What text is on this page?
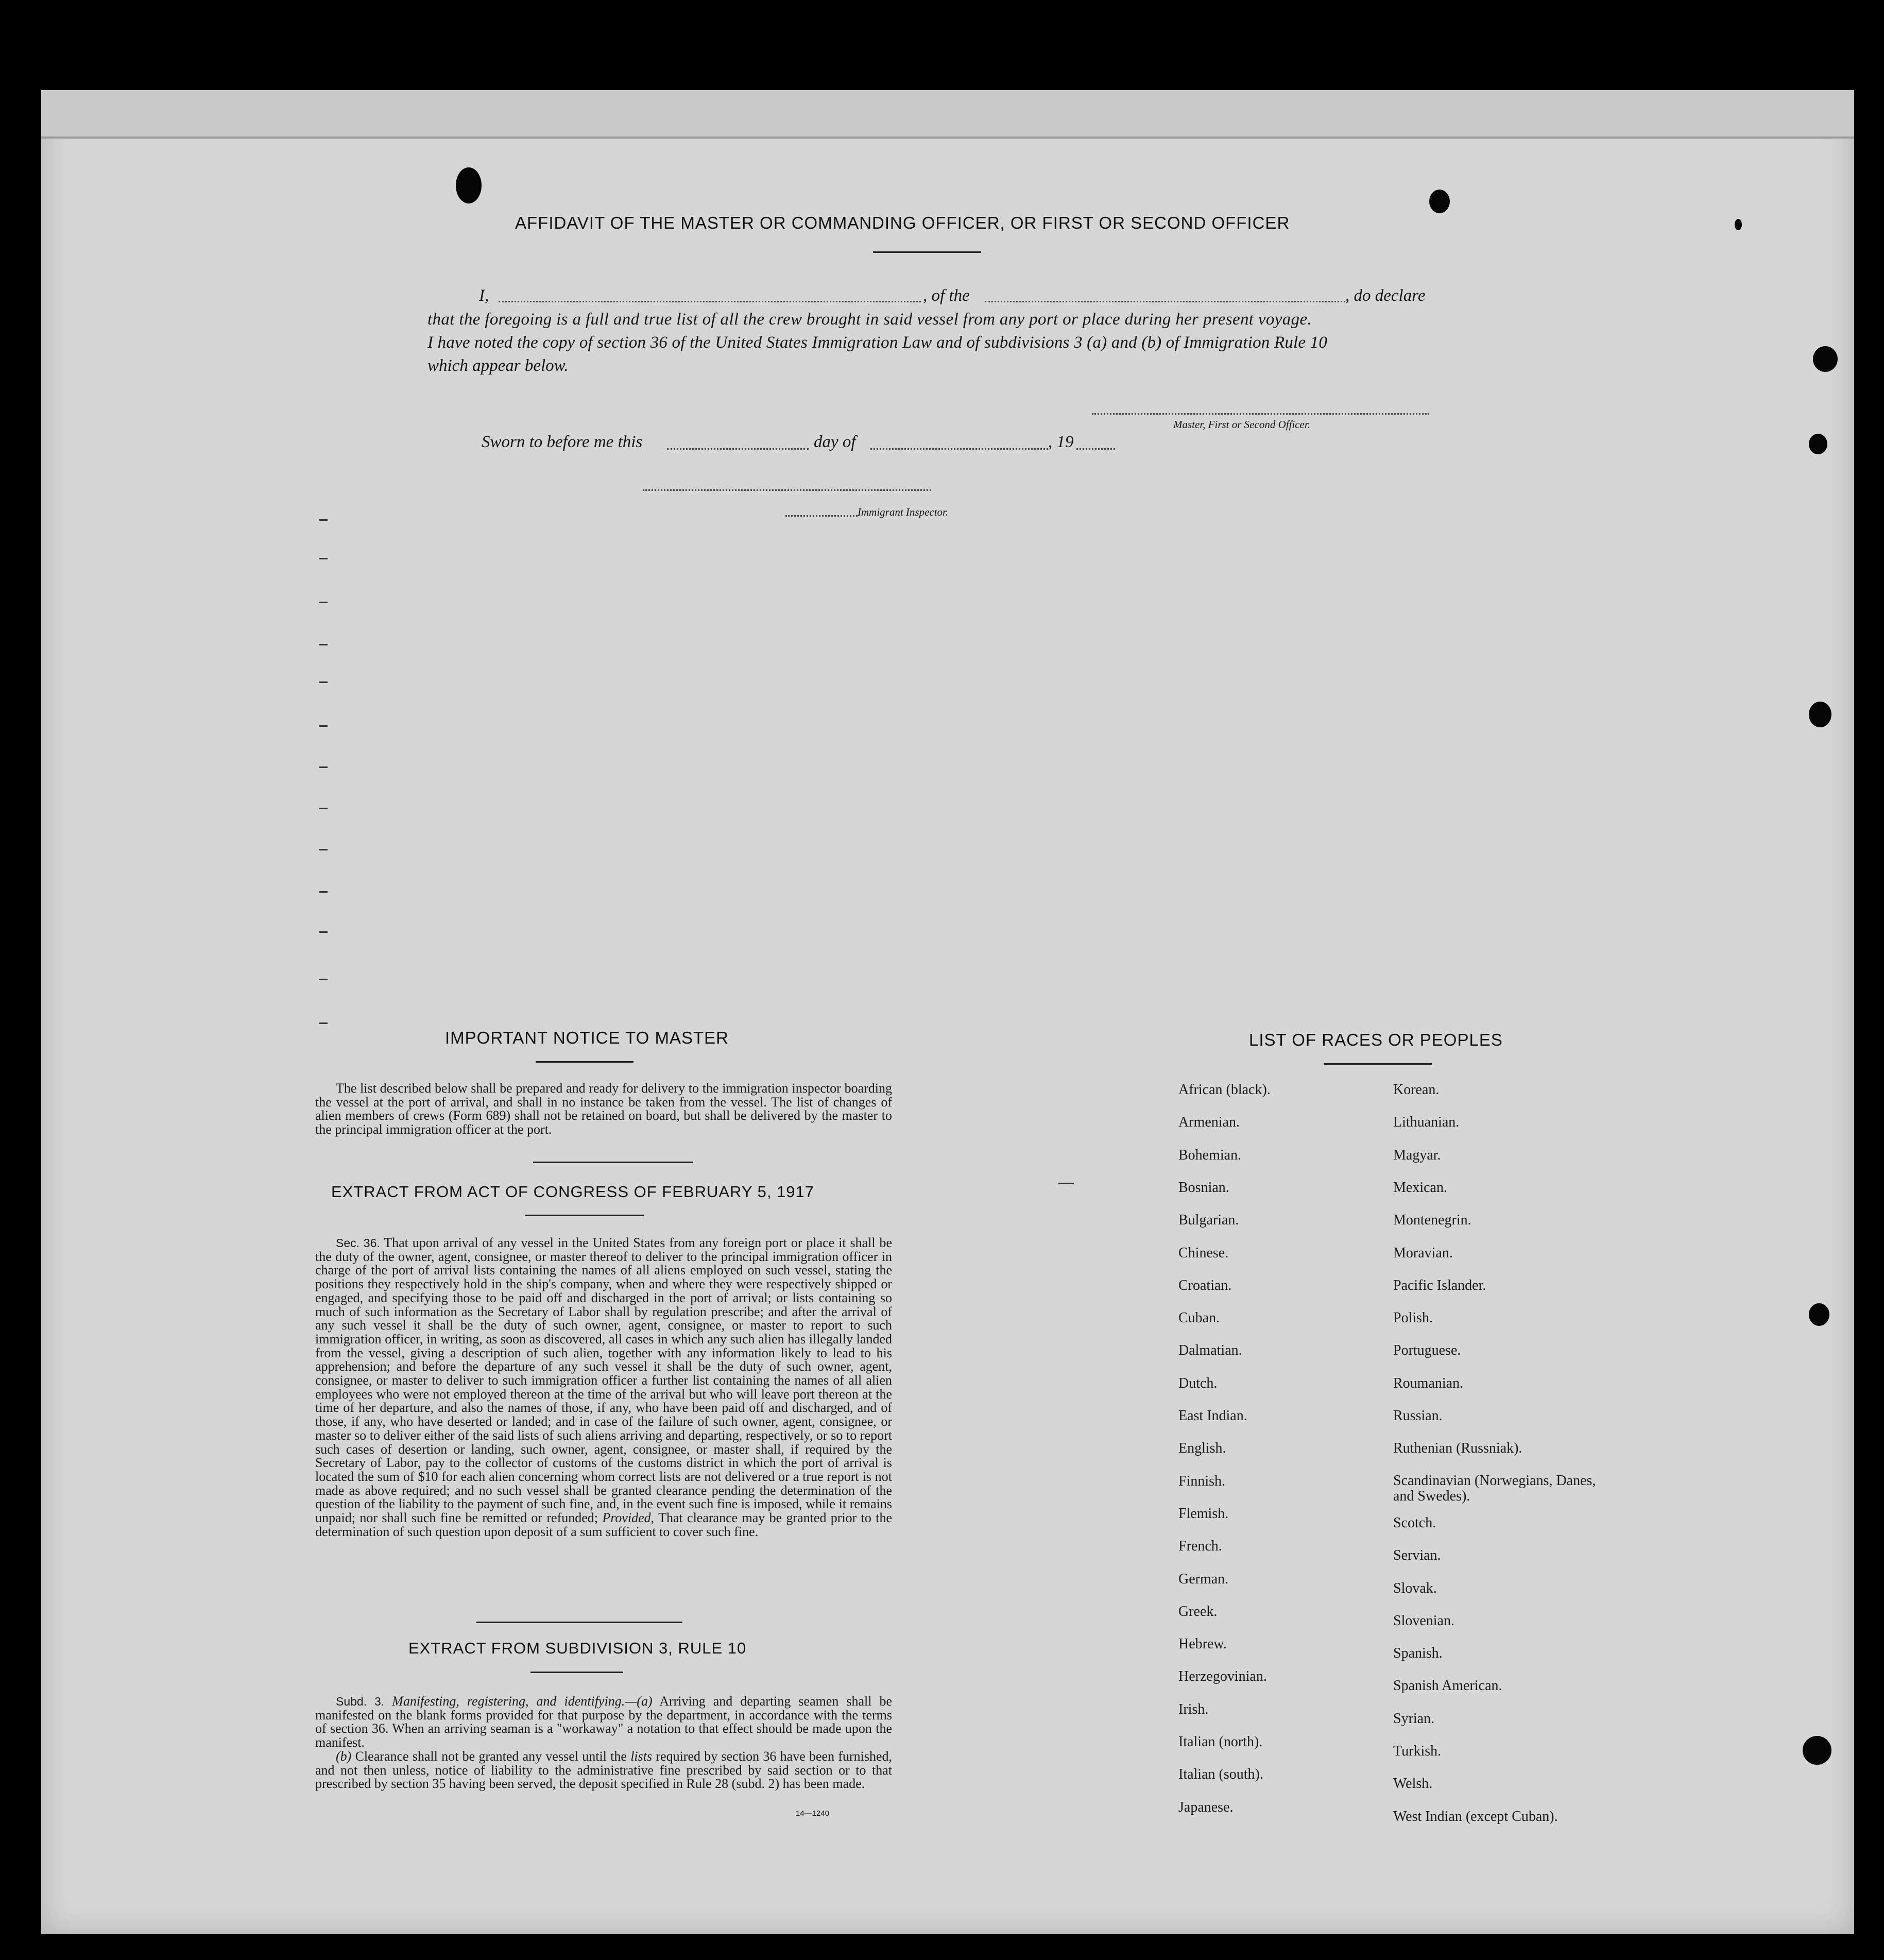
AFFIDAVIT OF THE MASTER OR COMMANDING OFFICER, OR FIRST OR SECOND OFFICER
I,	, of the	, do declare
that the foregoing is a full and true list of all the crew brought in said vessel from any port or place during her present voyage.
I have noted the copy of section 36 of the United States Immigration Law and of subdivisions 3 (a) and (b) of Immigration Rule 10
which appear below.
Master, First or Second Officer.
Sworn to before me this	day of	, 19
Immigrant Inspector.
IMPORTANT NOTICE TO MASTER

The list described below shall be prepared and ready for delivery to the immigration inspector boarding the vessel at the port of arrival, and shall in no instance be taken from the vessel. The list of changes of alien members of crews (Form 689) shall not be retained on board, but shall be delivered by the master to the principal immigration officer at the port.

EXTRACT FROM ACT OF CONGRESS OF FEBRUARY 5, 1917

Sec. 36. That upon arrival of any vessel in the United States from any foreign port or place it shall be the duty of the owner, agent, consignee, or master thereof to deliver to the principal immigration officer in charge of the port of arrival lists containing the names of all aliens employed on such vessel, stating the positions they respectively hold in the ship's company, when and where they were respectively shipped or engaged, and specifying those to be paid off and discharged in the port of arrival; or lists containing so much of such information as the Secretary of Labor shall by regulation prescribe; and after the arrival of any such vessel it shall be the duty of such owner, agent, consignee, or master to report to such immigration officer, in writing, as soon as discovered, all cases in which any such alien has illegally landed from the vessel, giving a description of such alien, together with any information likely to lead to his apprehension; and before the departure of any such vessel it shall be the duty of such owner, agent, consignee, or master to deliver to such immigration officer a further list containing the names of all alien employees who were not employed thereon at the time of the arrival but who will leave port thereon at the time of her departure, and also the names of those, if any, who have been paid off and discharged, and of those, if any, who have deserted or landed; and in case of the failure of such owner, agent, consignee, or master so to deliver either of the said lists of such aliens arriving and departing, respectively, or so to report such cases of desertion or landing, such owner, agent, consignee, or master shall, if required by the Secretary of Labor, pay to the collector of customs of the customs district in which the port of arrival is located the sum of $10 for each alien concerning whom correct lists are not delivered or a true report is not made as above required; and no such vessel shall be granted clearance pending the determination of the question of the liability to the payment of such fine, and, in the event such fine is imposed, while it remains unpaid; nor shall such fine be remitted or refunded; Provided, That clearance may be granted prior to the determination of such question upon deposit of a sum sufficient to cover such fine.

EXTRACT FROM SUBDIVISION 3, RULE 10

Subd. 3. Manifesting, registering, and identifying.—(a) Arriving and departing seamen shall be manifested on the blank forms provided for that purpose by the department, in accordance with the terms of section 36. When an arriving seaman is a "workaway" a notation to that effect should be made upon the manifest.

(b) Clearance shall not be granted any vessel until the lists required by section 36 have been furnished, and not then unless, notice of liability to the administrative fine prescribed by said section or to that prescribed by section 35 having been served, the deposit specified in Rule 28 (subd. 2) has been made.

14—1240
LIST OF RACES OR PEOPLES
African (black).
Armenian.
Bohemian.
Bosnian.
Bulgarian.
Chinese.
Croatian.
Cuban.
Dalmatian.
Dutch.
East Indian.
English.
Finnish.
Flemish.
French.
German.
Greek.
Hebrew.
Herzegovinian.
Irish.
Italian (north).
Italian (south).
Japanese.
Korean.
Lithuanian.
Magyar.
Mexican.
Montenegrin.
Moravian.
Pacific Islander.
Polish.
Portuguese.
Roumanian.
Russian.
Ruthenian (Russniak).
Scandinavian (Norwegians, Danes, and Swedes).
Scotch.
Servian.
Slovak.
Slovenian.
Spanish.
Spanish American.
Syrian.
Turkish.
Welsh.
West Indian (except Cuban).
